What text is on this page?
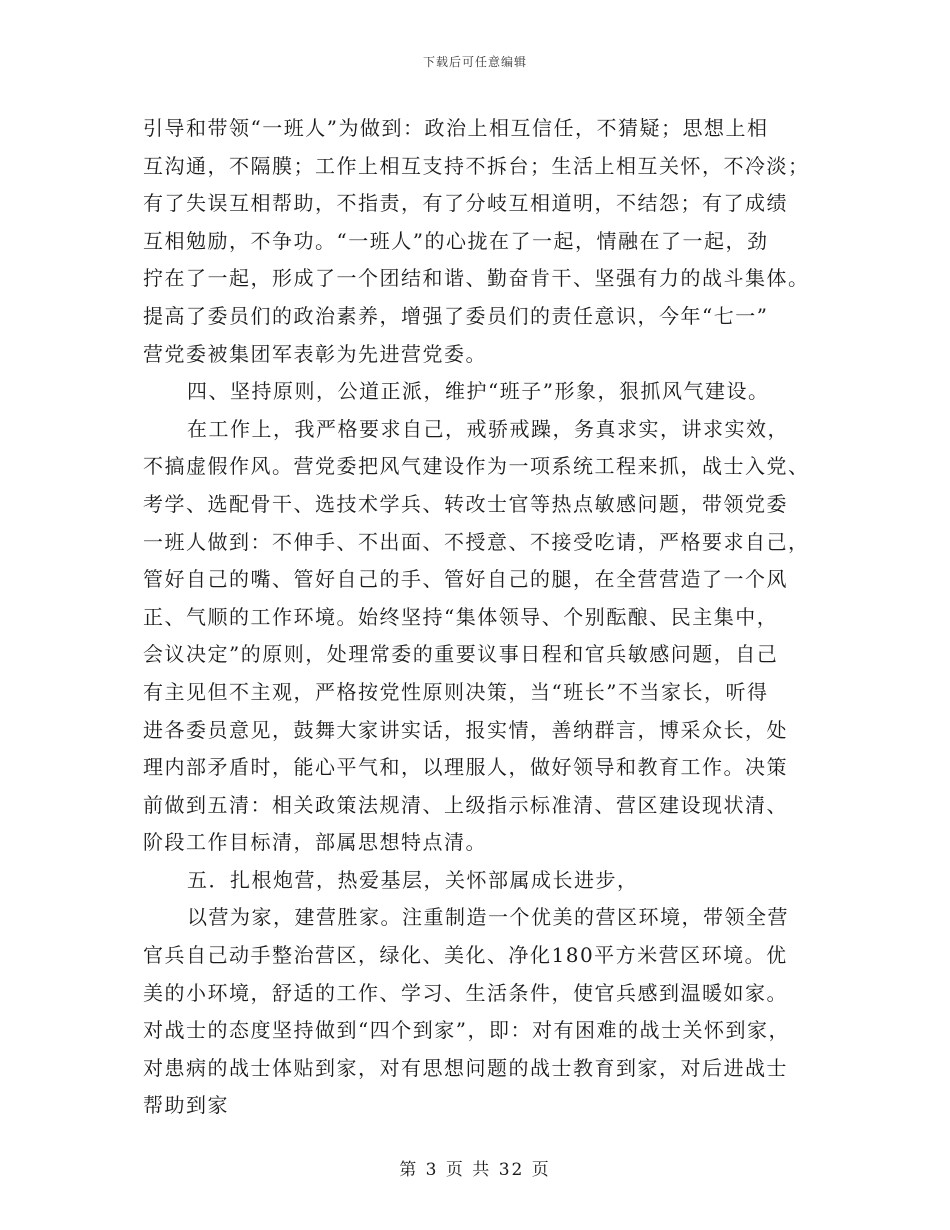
下载后可任意编辑
引导和带领“一班人”为做到：政治上相互信任，不猜疑；思想上相
互沟通，不隔膜；工作上相互支持不拆台；生活上相互关怀，不冷淡；
有了失误互相帮助，不指责，有了分岐互相道明，不结怨；有了成绩
互相勉励，不争功。“一班人”的心拢在了一起，情融在了一起，劲
拧在了一起，形成了一个团结和谐、勤奋肯干、坚强有力的战斗集体。
提高了委员们的政治素养，增强了委员们的责任意识，今年“七一”
营党委被集团军表彰为先进营党委。
四、坚持原则，公道正派，维护“班子”形象，狠抓风气建设。
在工作上，我严格要求自己，戒骄戒躁，务真求实，讲求实效，
不搞虚假作风。营党委把风气建设作为一项系统工程来抓，战士入党、
考学、选配骨干、选技术学兵、转改士官等热点敏感问题，带领党委
一班人做到：不伸手、不出面、不授意、不接受吃请，严格要求自己，
管好自己的嘴、管好自己的手、管好自己的腿，在全营营造了一个风
正、气顺的工作环境。始终坚持“集体领导、个别酝酿、民主集中，
会议决定”的原则，处理常委的重要议事日程和官兵敏感问题，自己
有主见但不主观，严格按党性原则决策，当“班长”不当家长，听得
进各委员意见，鼓舞大家讲实话，报实情，善纳群言，博采众长，处
理内部矛盾时，能心平气和，以理服人，做好领导和教育工作。决策
前做到五清：相关政策法规清、上级指示标准清、营区建设现状清、
阶段工作目标清，部属思想特点清。
五．扎根炮营，热爱基层，关怀部属成长进步，
以营为家，建营胜家。注重制造一个优美的营区环境，带领全营
官兵自己动手整治营区，绿化、美化、净化180平方米营区环境。优
美的小环境，舒适的工作、学习、生活条件，使官兵感到温暖如家。
对战士的态度坚持做到“四个到家”，即：对有困难的战士关怀到家，
对患病的战士体贴到家，对有思想问题的战士教育到家，对后进战士
帮助到家
第 3 页 共 32 页
